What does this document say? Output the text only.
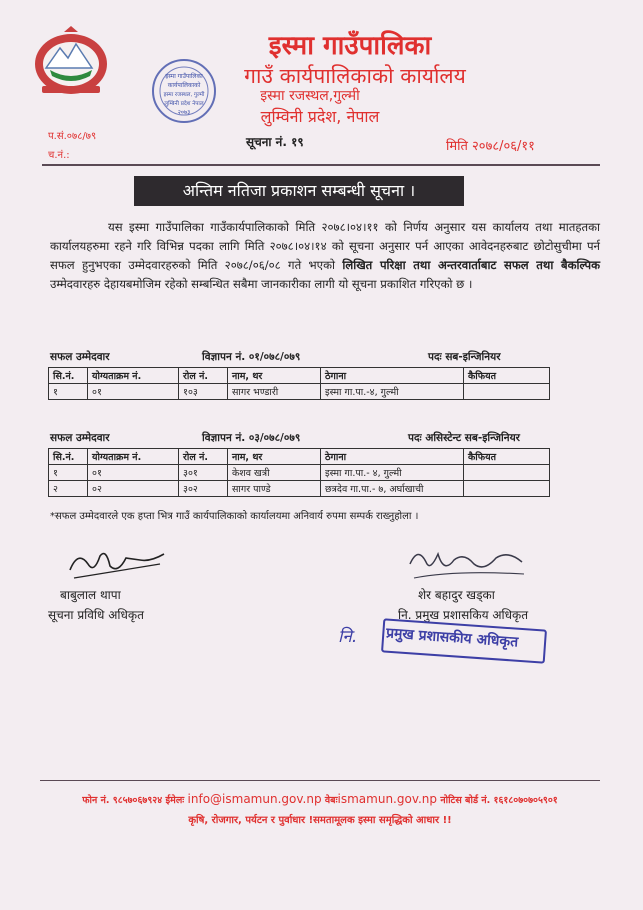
इस्मा गाउँपालिका
गाउँ कार्यपालिकाको कार्यालय
इस्मा रजस्थल,गुल्मी
लुम्विनी प्रदेश, नेपाल
इस्मा गाउँपालिका
कार्यपालिकाको
इस्मा रजस्थल, गुल्मी
लुम्बिनी प्रदेश नेपाल
२०७३
प.सं.०७८/७९
च.नं.:
सूचना नं. १९	मिति २०७८/०६/११
अन्तिम नतिजा प्रकाशन सम्बन्धी सूचना ।

यस इस्मा गाउँपालिका गाउँकार्यपालिकाको मिति २०७८।०४।११ को निर्णय अनुसार यस कार्यालय तथा मातहतका कार्यालयहरुमा रहने गरि विभिन्न पदका लागि मिति २०७८।०४।१४ को सूचना अनुसार पर्न आएका आवेदनहरुबाट छोटोसुचीमा पर्न सफल हुनुभएका उम्मेदवारहरुको मिति २०७८/०६/०८ गते भएको लिखित परिक्षा तथा अन्तरवार्ताबाट सफल तथा बैकल्पिक उम्मेदवारहरु देहायबमोजिम रहेको सम्बन्धित सबैमा जानकारीका लागी यो सूचना प्रकाशित गरिएको छ ।

सफल उम्मेदवार	विज्ञापन नं. ०१/०७८/०७९	पदः सब-इन्जिनियर
सि.नं.	योग्यताक्रम नं.	रोल नं.	नाम, थर	ठेगाना	कैफियत
१	०१	१०३	सागर भण्डारी	इस्मा गा.पा.-४, गुल्मी	
सफल उम्मेदवार	विज्ञापन नं. ०३/०७८/०७९	पदः असिस्टेन्ट सब-इन्जिनियर
सि.नं.	योग्यताक्रम नं.	रोल नं.	नाम, थर	ठेगाना	कैफियत
१	०१	३०१	केशव खत्री	इस्मा गा.पा.- ४, गुल्मी	
२	०२	३०२	सागर पाण्डे	छत्रदेव गा.पा.- ७, अर्घाखाची	
*सफल उम्मेदवारले एक हप्ता भित्र गाउँ कार्यपालिकाको कार्यालयमा अनिवार्य रुपमा सम्पर्क राख्नुहोला ।
बाबुलाल थापा
सूचना प्रविधि अधिकृत
शेर बहादुर खड्का
नि. प्रमुख प्रशासकिय अधिकृत
नि. प्रमुख प्रशासकीय अधिकृत
फोन नं. ९८५७०६७९२४ ईमेलः info@ismamun.gov.np वेबःismamun.gov.np नोटिस बोर्ड नं. १६१८०७०७०५९०१
कृषि, रोजगार, पर्यटन र पुर्वाधार !समतामूलक इस्मा समृद्धिको आधार !!
